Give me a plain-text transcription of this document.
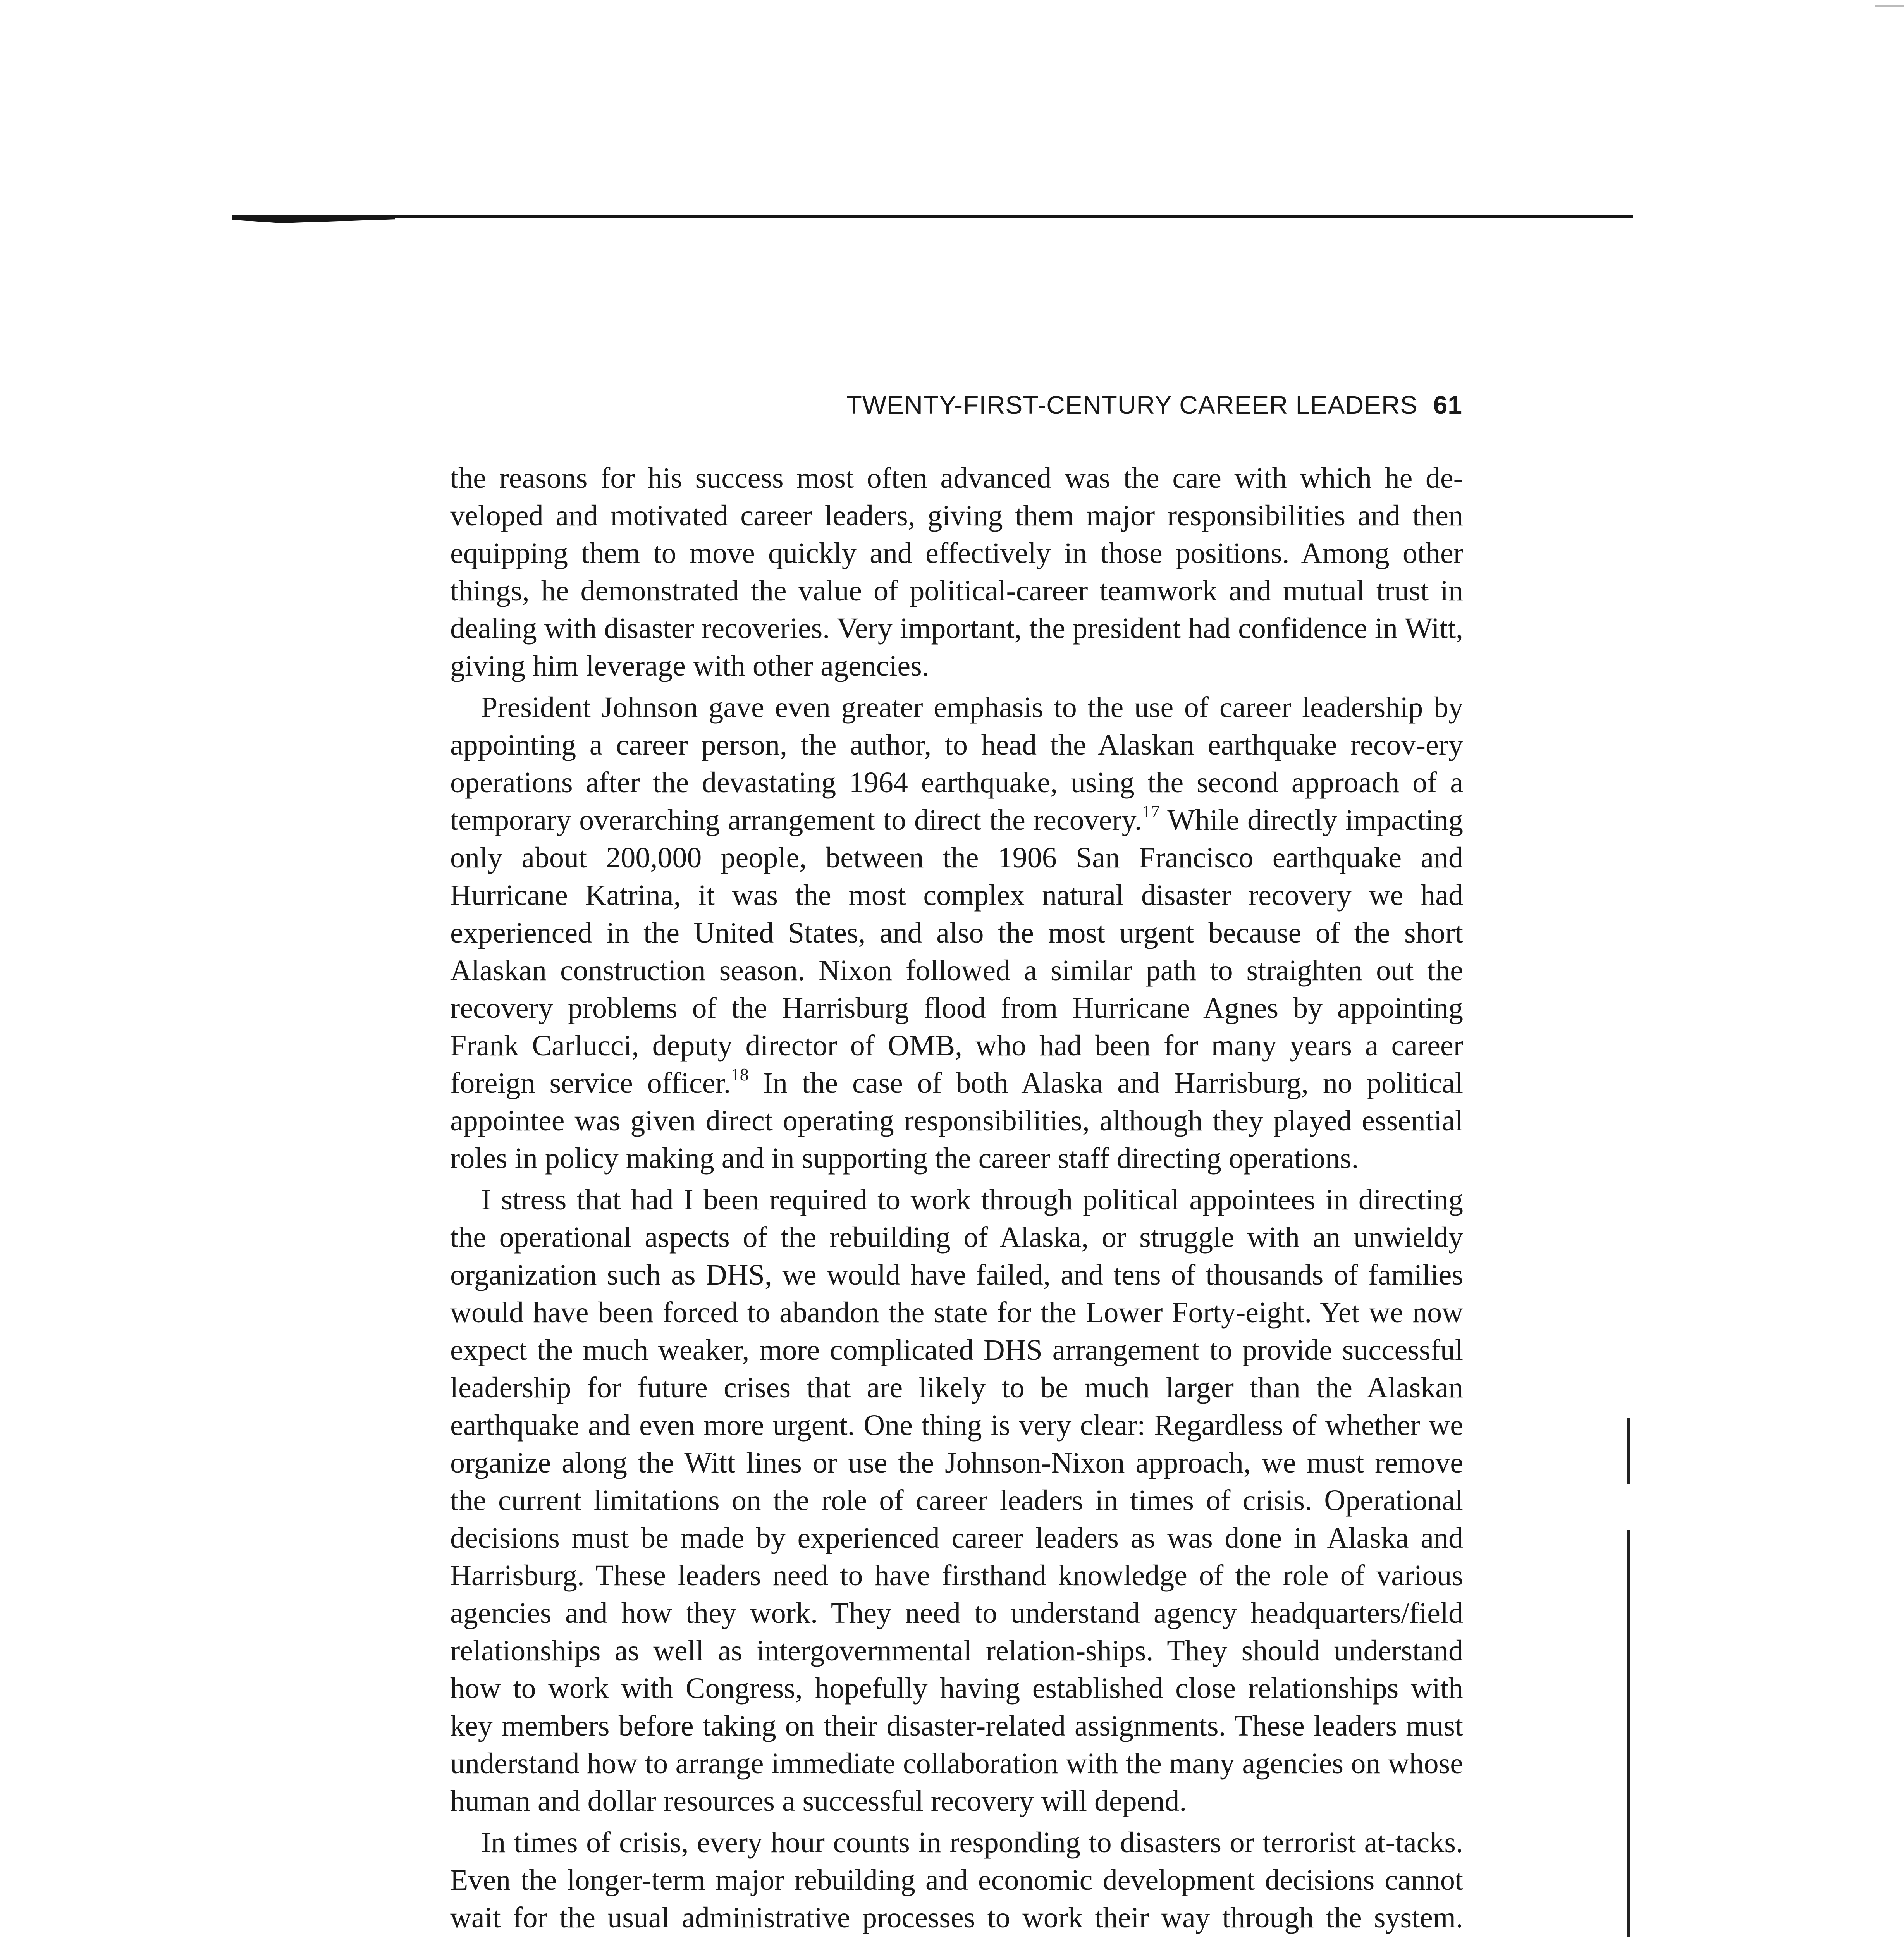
TWENTY-FIRST-CENTURY CAREER LEADERS 61

the reasons for his success most often advanced was the care with which he de-veloped and motivated career leaders, giving them major responsibilities and then equipping them to move quickly and effectively in those positions. Among other things, he demonstrated the value of political-career teamwork and mutual trust in dealing with disaster recoveries. Very important, the president had confidence in Witt, giving him leverage with other agencies.

President Johnson gave even greater emphasis to the use of career leadership by appointing a career person, the author, to head the Alaskan earthquake recov-ery operations after the devastating 1964 earthquake, using the second approach of a temporary overarching arrangement to direct the recovery.$^{17}$ While directly impacting only about 200,000 people, between the 1906 San Francisco earthquake and Hurricane Katrina, it was the most complex natural disaster recovery we had experienced in the United States, and also the most urgent because of the short Alaskan construction season. Nixon followed a similar path to straighten out the recovery problems of the Harrisburg flood from Hurricane Agnes by appointing Frank Carlucci, deputy director of OMB, who had been for many years a career foreign service officer.$^{18}$ In the case of both Alaska and Harrisburg, no political appointee was given direct operating responsibilities, although they played essential roles in policy making and in supporting the career staff directing operations.

I stress that had I been required to work through political appointees in directing the operational aspects of the rebuilding of Alaska, or struggle with an unwieldy organization such as DHS, we would have failed, and tens of thousands of families would have been forced to abandon the state for the Lower Forty-eight. Yet we now expect the much weaker, more complicated DHS arrangement to provide successful leadership for future crises that are likely to be much larger than the Alaskan earthquake and even more urgent. One thing is very clear: Regardless of whether we organize along the Witt lines or use the Johnson-Nixon approach, we must remove the current limitations on the role of career leaders in times of crisis. Operational decisions must be made by experienced career leaders as was done in Alaska and Harrisburg. These leaders need to have firsthand knowledge of the role of various agencies and how they work. They need to understand agency headquarters/field relationships as well as intergovernmental relation-ships. They should understand how to work with Congress, hopefully having established close relationships with key members before taking on their disaster-related assignments. These leaders must understand how to arrange immediate collaboration with the many agencies on whose human and dollar resources a successful recovery will depend.

In times of crisis, every hour counts in responding to disasters or terrorist at-tacks. Even the longer-term major rebuilding and economic development decisions cannot wait for the usual administrative processes to work their way through the system.
